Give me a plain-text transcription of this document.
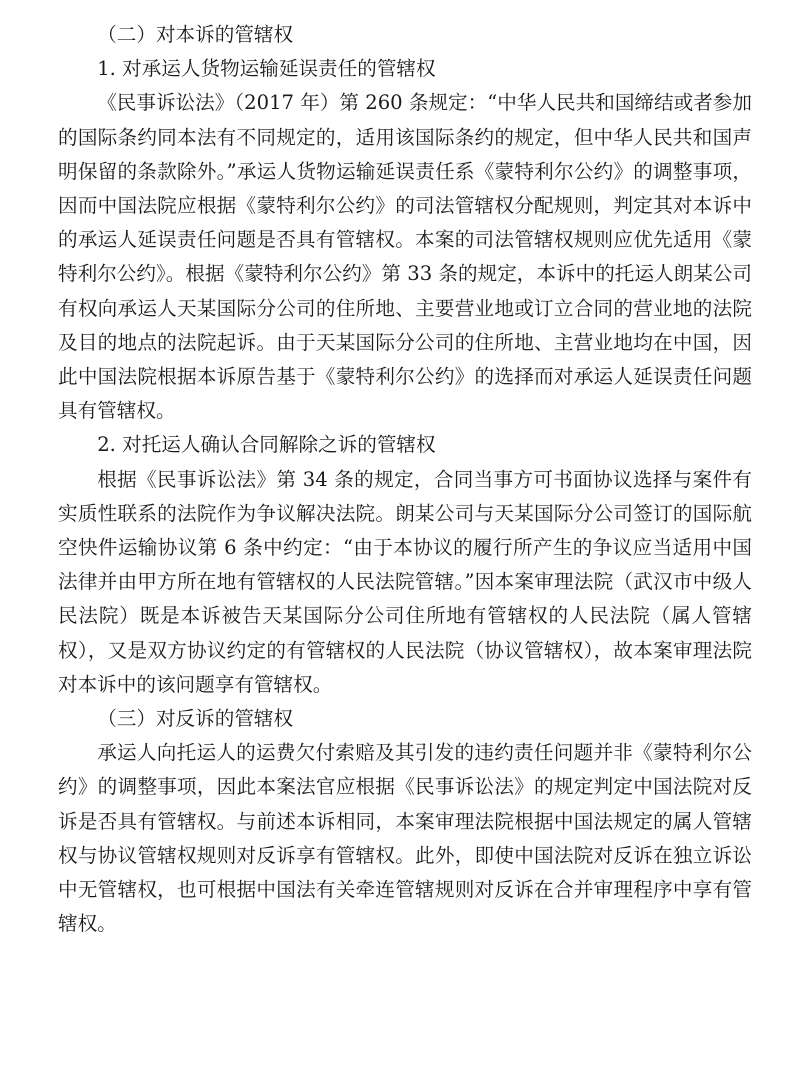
（二）对本诉的管辖权

1. 对承运人货物运输延误责任的管辖权

《民事诉讼法》（2017 年）第 260 条规定：“中华人民共和国缔结或者参加的国际条约同本法有不同规定的，适用该国际条约的规定，但中华人民共和国声明保留的条款除外。”承运人货物运输延误责任系《蒙特利尔公约》的调整事项，因而中国法院应根据《蒙特利尔公约》的司法管辖权分配规则，判定其对本诉中的承运人延误责任问题是否具有管辖权。本案的司法管辖权规则应优先适用《蒙特利尔公约》。根据《蒙特利尔公约》第 33 条的规定，本诉中的托运人朗某公司有权向承运人天某国际分公司的住所地、主要营业地或订立合同的营业地的法院及目的地点的法院起诉。由于天某国际分公司的住所地、主营业地均在中国，因此中国法院根据本诉原告基于《蒙特利尔公约》的选择而对承运人延误责任问题具有管辖权。

2. 对托运人确认合同解除之诉的管辖权

根据《民事诉讼法》第 34 条的规定，合同当事方可书面协议选择与案件有实质性联系的法院作为争议解决法院。朗某公司与天某国际分公司签订的国际航空快件运输协议第 6 条中约定：“由于本协议的履行所产生的争议应当适用中国法律并由甲方所在地有管辖权的人民法院管辖。”因本案审理法院（武汉市中级人民法院）既是本诉被告天某国际分公司住所地有管辖权的人民法院（属人管辖权），又是双方协议约定的有管辖权的人民法院（协议管辖权），故本案审理法院对本诉中的该问题享有管辖权。

（三）对反诉的管辖权

承运人向托运人的运费欠付索赔及其引发的违约责任问题并非《蒙特利尔公约》的调整事项，因此本案法官应根据《民事诉讼法》的规定判定中国法院对反诉是否具有管辖权。与前述本诉相同，本案审理法院根据中国法规定的属人管辖权与协议管辖权规则对反诉享有管辖权。此外，即使中国法院对反诉在独立诉讼中无管辖权，也可根据中国法有关牵连管辖规则对反诉在合并审理程序中享有管辖权。
